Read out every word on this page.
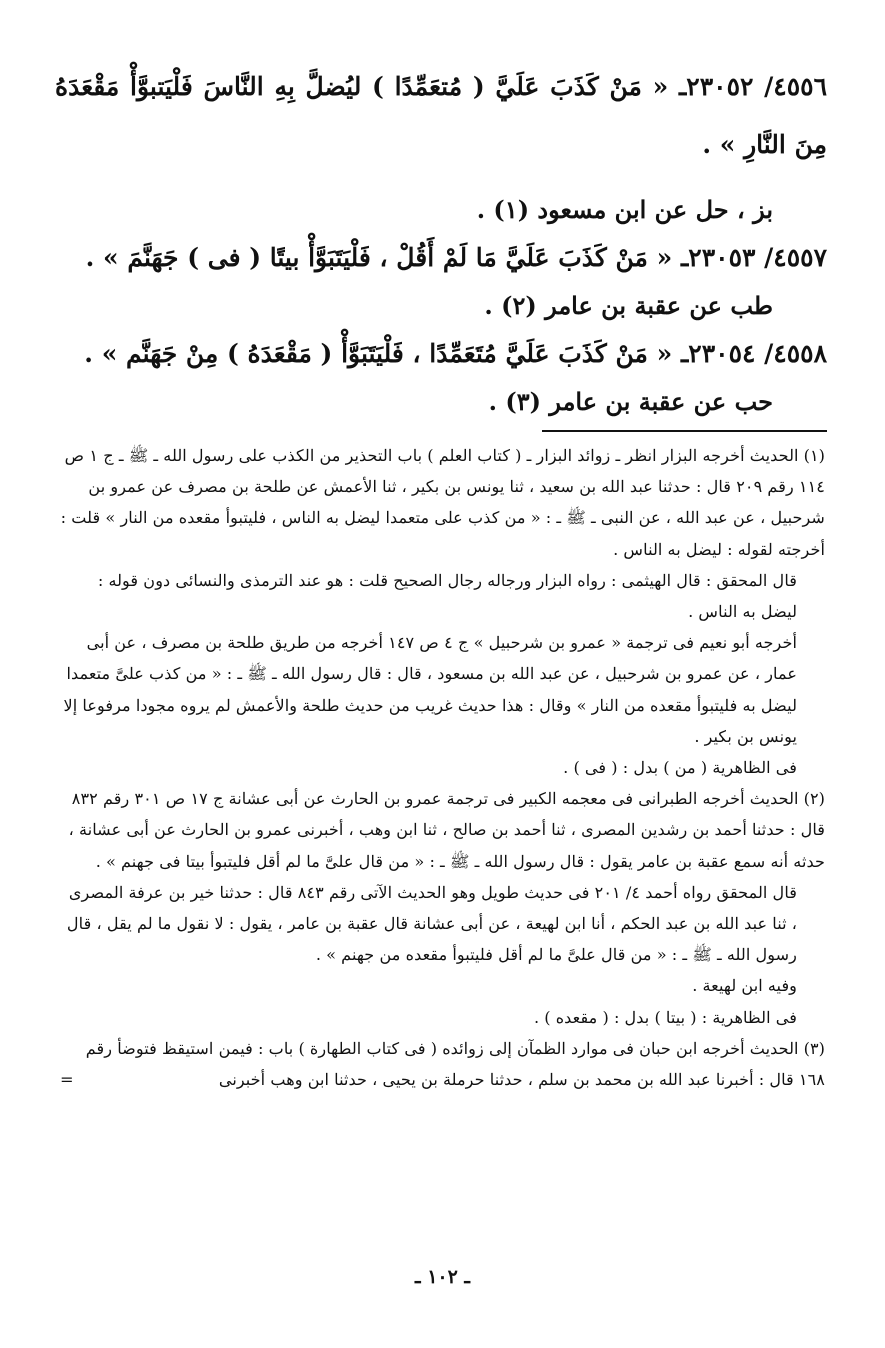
٤٥٥٦/ ٢٣٠٥٢ـ « مَنْ كَذَبَ عَلَيَّ ( مُتعَمِّدًا ) ليُضلَّ بِهِ النَّاسَ فَلْيَتبوَّأْ مَقْعَدَهُ مِنَ النَّارِ » .
بز ، حل عن ابن مسعود (١) .
٤٥٥٧/ ٢٣٠٥٣ـ « مَنْ كَذَبَ عَلَيَّ مَا لَمْ أَقُلْ ، فَلْيَتَبَوَّأْ بيتًا ( فى ) جَهَنَّمَ » .
طب عن عقبة بن عامر (٢) .
٤٥٥٨/ ٢٣٠٥٤ـ « مَنْ كَذَبَ عَلَيَّ مُتَعَمِّدًا ، فَلْيَتَبَوَّأْ ( مَقْعَدَهُ ) مِنْ جَهَنَّم » .
حب عن عقبة بن عامر (٣) .

(١) الحديث أخرجه البزار انظر ـ زوائد البزار ـ ( كتاب العلم ) باب التحذير من الكذب على رسول الله ـ ﷺ ـ ج ١ ص ١١٤ رقم ٢٠٩ قال : حدثنا عبد الله بن سعيد ، ثنا يونس بن بكير ، ثنا الأعمش عن طلحة بن مصرف عن عمرو بن شرحبيل ، عن عبد الله ، عن النبى ـ ﷺ ـ : « من كذب على متعمدا ليضل به الناس ، فليتبوأ مقعده من النار » قلت : أخرجته لقوله : ليضل به الناس .

قال المحقق : قال الهيثمى : رواه البزار ورجاله رجال الصحيح قلت : هو عند الترمذى والنسائى دون قوله : ليضل به الناس .

أخرجه أبو نعيم فى ترجمة « عمرو بن شرحبيل » ج ٤ ص ١٤٧ أخرجه من طريق طلحة بن مصرف ، عن أبى عمار ، عن عمرو بن شرحبيل ، عن عبد الله بن مسعود ، قال : قال رسول الله ـ ﷺ ـ : « من كذب علىَّ متعمدا ليضل به فليتبوأ مقعده من النار » وقال : هذا حديث غريب من حديث طلحة والأعمش لم يروه مجودا مرفوعا إلا يونس بن بكير .

فى الظاهرية ( من ) بدل : ( فى ) .

(٢) الحديث أخرجه الطبرانى فى معجمه الكبير فى ترجمة عمرو بن الحارث عن أبى عشانة ج ١٧ ص ٣٠١ رقم ٨٣٢ قال : حدثنا أحمد بن رشدين المصرى ، ثنا أحمد بن صالح ، ثنا ابن وهب ، أخبرنى عمرو بن الحارث عن أبى عشانة ، حدثه أنه سمع عقبة بن عامر يقول : قال رسول الله ـ ﷺ ـ : « من قال علىَّ ما لم أقل فليتبوأ بيتا فى جهنم » .

قال المحقق رواه أحمد ٤/ ٢٠١ فى حديث طويل وهو الحديث الآتى رقم ٨٤٣ قال : حدثنا خير بن عرفة المصرى ، ثنا عبد الله بن عبد الحكم ، أنا ابن لهيعة ، عن أبى عشانة قال عقبة بن عامر ، يقول : لا نقول ما لم يقل ، قال رسول الله ـ ﷺ ـ : « من قال علىَّ ما لم أقل فليتبوأ مقعده من جهنم » .

وفيه ابن لهيعة .

فى الظاهرية : ( بيتا ) بدل : ( مقعده ) .

(٣) الحديث أخرجه ابن حبان فى موارد الظمآن إلى زوائده ( فى كتاب الطهارة ) باب : فيمن استيقظ فتوضأ رقم ١٦٨ قال : أخبرنا عبد الله بن محمد بن سلم ، حدثنا حرملة بن يحيى ، حدثنا ابن وهب أخبرنى
=

ـ ١٠٢ ـ
